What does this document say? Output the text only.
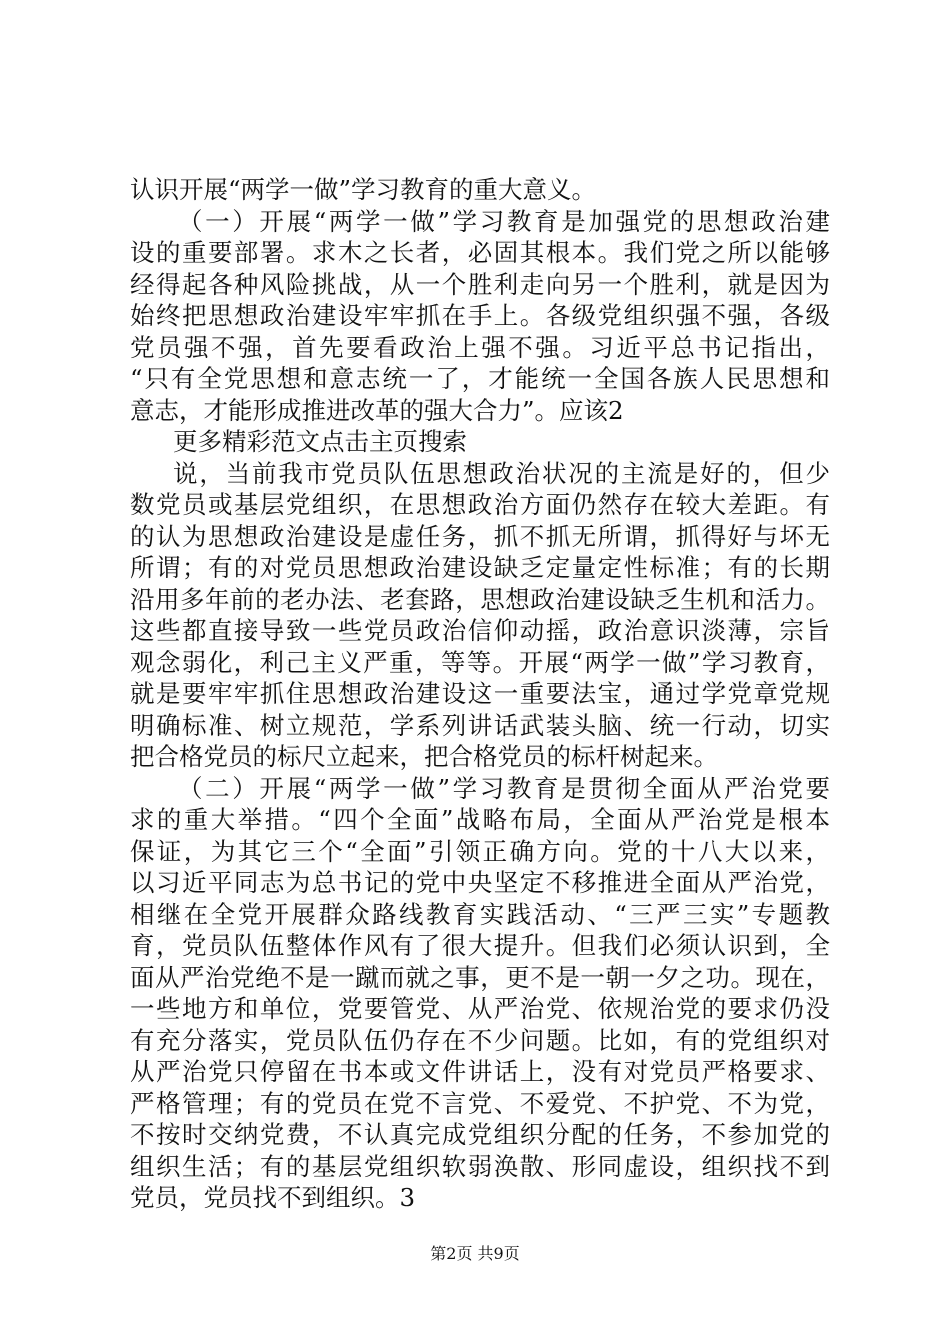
认识开展“两学一做”学习教育的重大意义。
（一）开展“两学一做”学习教育是加强党的思想政治建
设的重要部署。求木之长者，必固其根本。我们党之所以能够
经得起各种风险挑战，从一个胜利走向另一个胜利，就是因为
始终把思想政治建设牢牢抓在手上。各级党组织强不强，各级
党员强不强，首先要看政治上强不强。习近平总书记指出，
“只有全党思想和意志统一了，才能统一全国各族人民思想和
意志，才能形成推进改革的强大合力”。应该2
更多精彩范文点击主页搜索
说，当前我市党员队伍思想政治状况的主流是好的，但少
数党员或基层党组织，在思想政治方面仍然存在较大差距。有
的认为思想政治建设是虚任务，抓不抓无所谓，抓得好与坏无
所谓；有的对党员思想政治建设缺乏定量定性标准；有的长期
沿用多年前的老办法、老套路，思想政治建设缺乏生机和活力。
这些都直接导致一些党员政治信仰动摇，政治意识淡薄，宗旨
观念弱化，利己主义严重，等等。开展“两学一做”学习教育，
就是要牢牢抓住思想政治建设这一重要法宝，通过学党章党规
明确标准、树立规范，学系列讲话武装头脑、统一行动，切实
把合格党员的标尺立起来，把合格党员的标杆树起来。
（二）开展“两学一做”学习教育是贯彻全面从严治党要
求的重大举措。“四个全面”战略布局，全面从严治党是根本
保证，为其它三个“全面”引领正确方向。党的十八大以来，
以习近平同志为总书记的党中央坚定不移推进全面从严治党，
相继在全党开展群众路线教育实践活动、“三严三实”专题教
育，党员队伍整体作风有了很大提升。但我们必须认识到，全
面从严治党绝不是一蹴而就之事，更不是一朝一夕之功。现在，
一些地方和单位，党要管党、从严治党、依规治党的要求仍没
有充分落实，党员队伍仍存在不少问题。比如，有的党组织对
从严治党只停留在书本或文件讲话上，没有对党员严格要求、
严格管理；有的党员在党不言党、不爱党、不护党、不为党，
不按时交纳党费，不认真完成党组织分配的任务，不参加党的
组织生活；有的基层党组织软弱涣散、形同虚设，组织找不到
党员，党员找不到组织。3
第2页 共9页
